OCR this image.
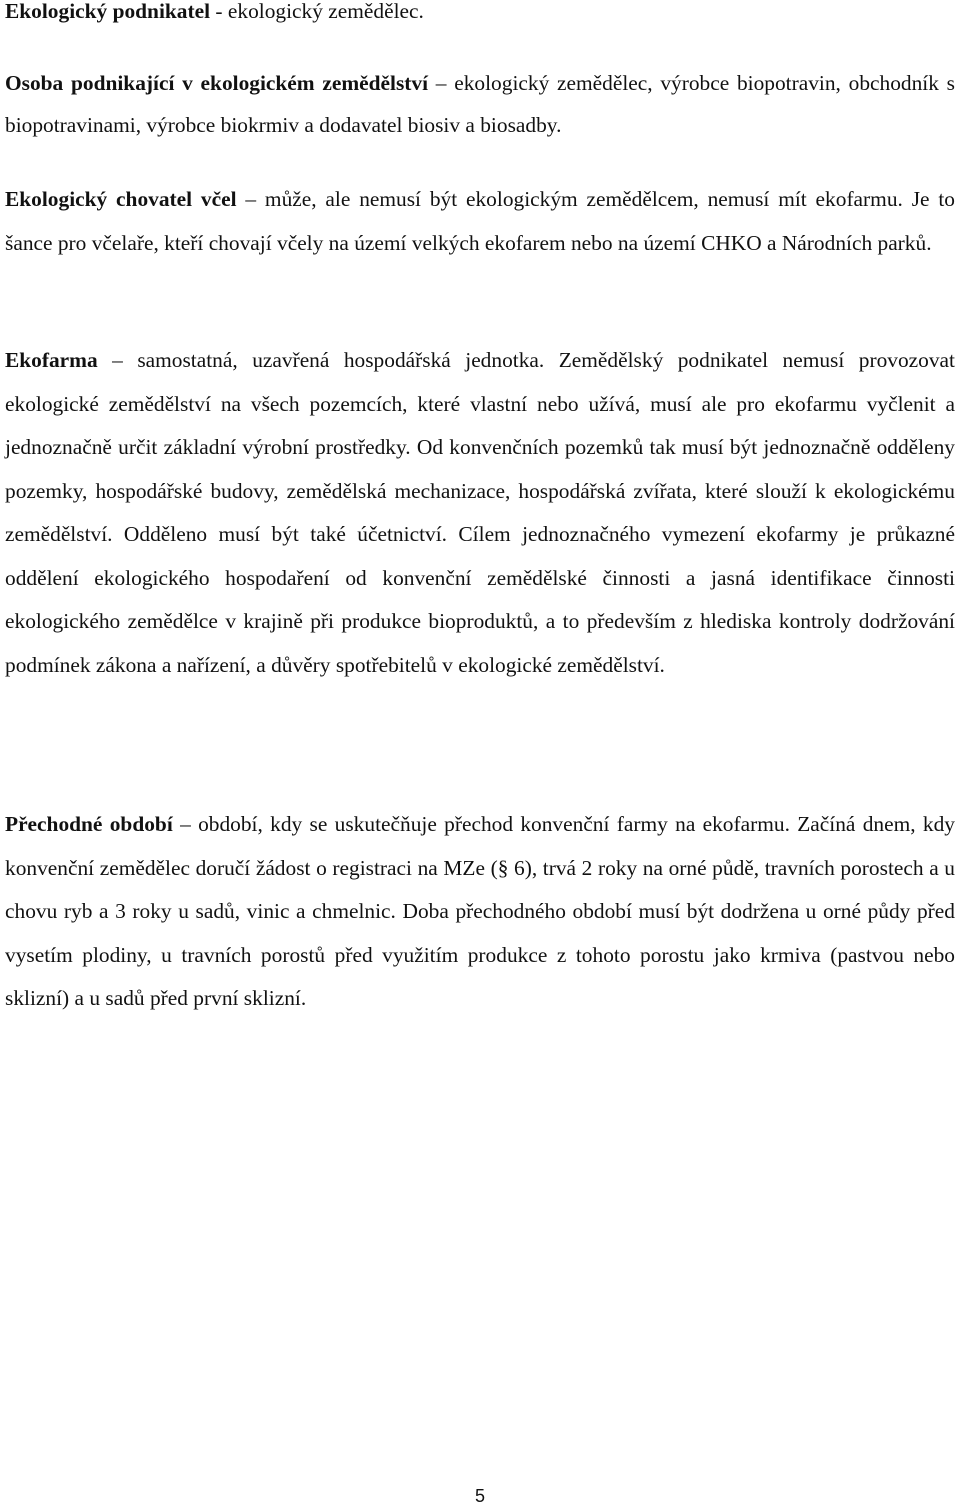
Ekologický podnikatel - ekologický zemědělec.

Osoba podnikající v ekologickém zemědělství – ekologický zemědělec, výrobce biopotravin, obchodník s biopotravinami, výrobce biokrmiv a dodavatel biosiv a biosadby.

Ekologický chovatel včel – může, ale nemusí být ekologickým zemědělcem, nemusí mít ekofarmu. Je to šance pro včelaře, kteří chovají včely na území velkých ekofarem nebo na území CHKO a Národních parků.

Ekofarma – samostatná, uzavřená hospodářská jednotka. Zemědělský podnikatel nemusí provozovat ekologické zemědělství na všech pozemcích, které vlastní nebo užívá, musí ale pro ekofarmu vyčlenit a jednoznačně určit základní výrobní prostředky. Od konvenčních pozemků tak musí být jednoznačně odděleny pozemky, hospodářské budovy, zemědělská mechanizace, hospodářská zvířata, které slouží k ekologickému zemědělství. Odděleno musí být také účetnictví. Cílem jednoznačného vymezení ekofarmy je průkazné oddělení ekologického hospodaření od konvenční zemědělské činnosti a jasná identifikace činnosti ekologického zemědělce v krajině při produkce bioproduktů, a to především z hlediska kontroly dodržování podmínek zákona a nařízení, a důvěry spotřebitelů v ekologické zemědělství.

Přechodné období – období, kdy se uskutečňuje přechod konvenční farmy na ekofarmu. Začíná dnem, kdy konvenční zemědělec doručí žádost o registraci na MZe (§ 6), trvá 2 roky na orné půdě, travních porostech a u chovu ryb a 3 roky u sadů, vinic a chmelnic. Doba přechodného období musí být dodržena u orné půdy před vysetím plodiny, u travních porostů před využitím produkce z tohoto porostu jako krmiva (pastvou nebo sklizní) a u sadů před první sklizní.

5
